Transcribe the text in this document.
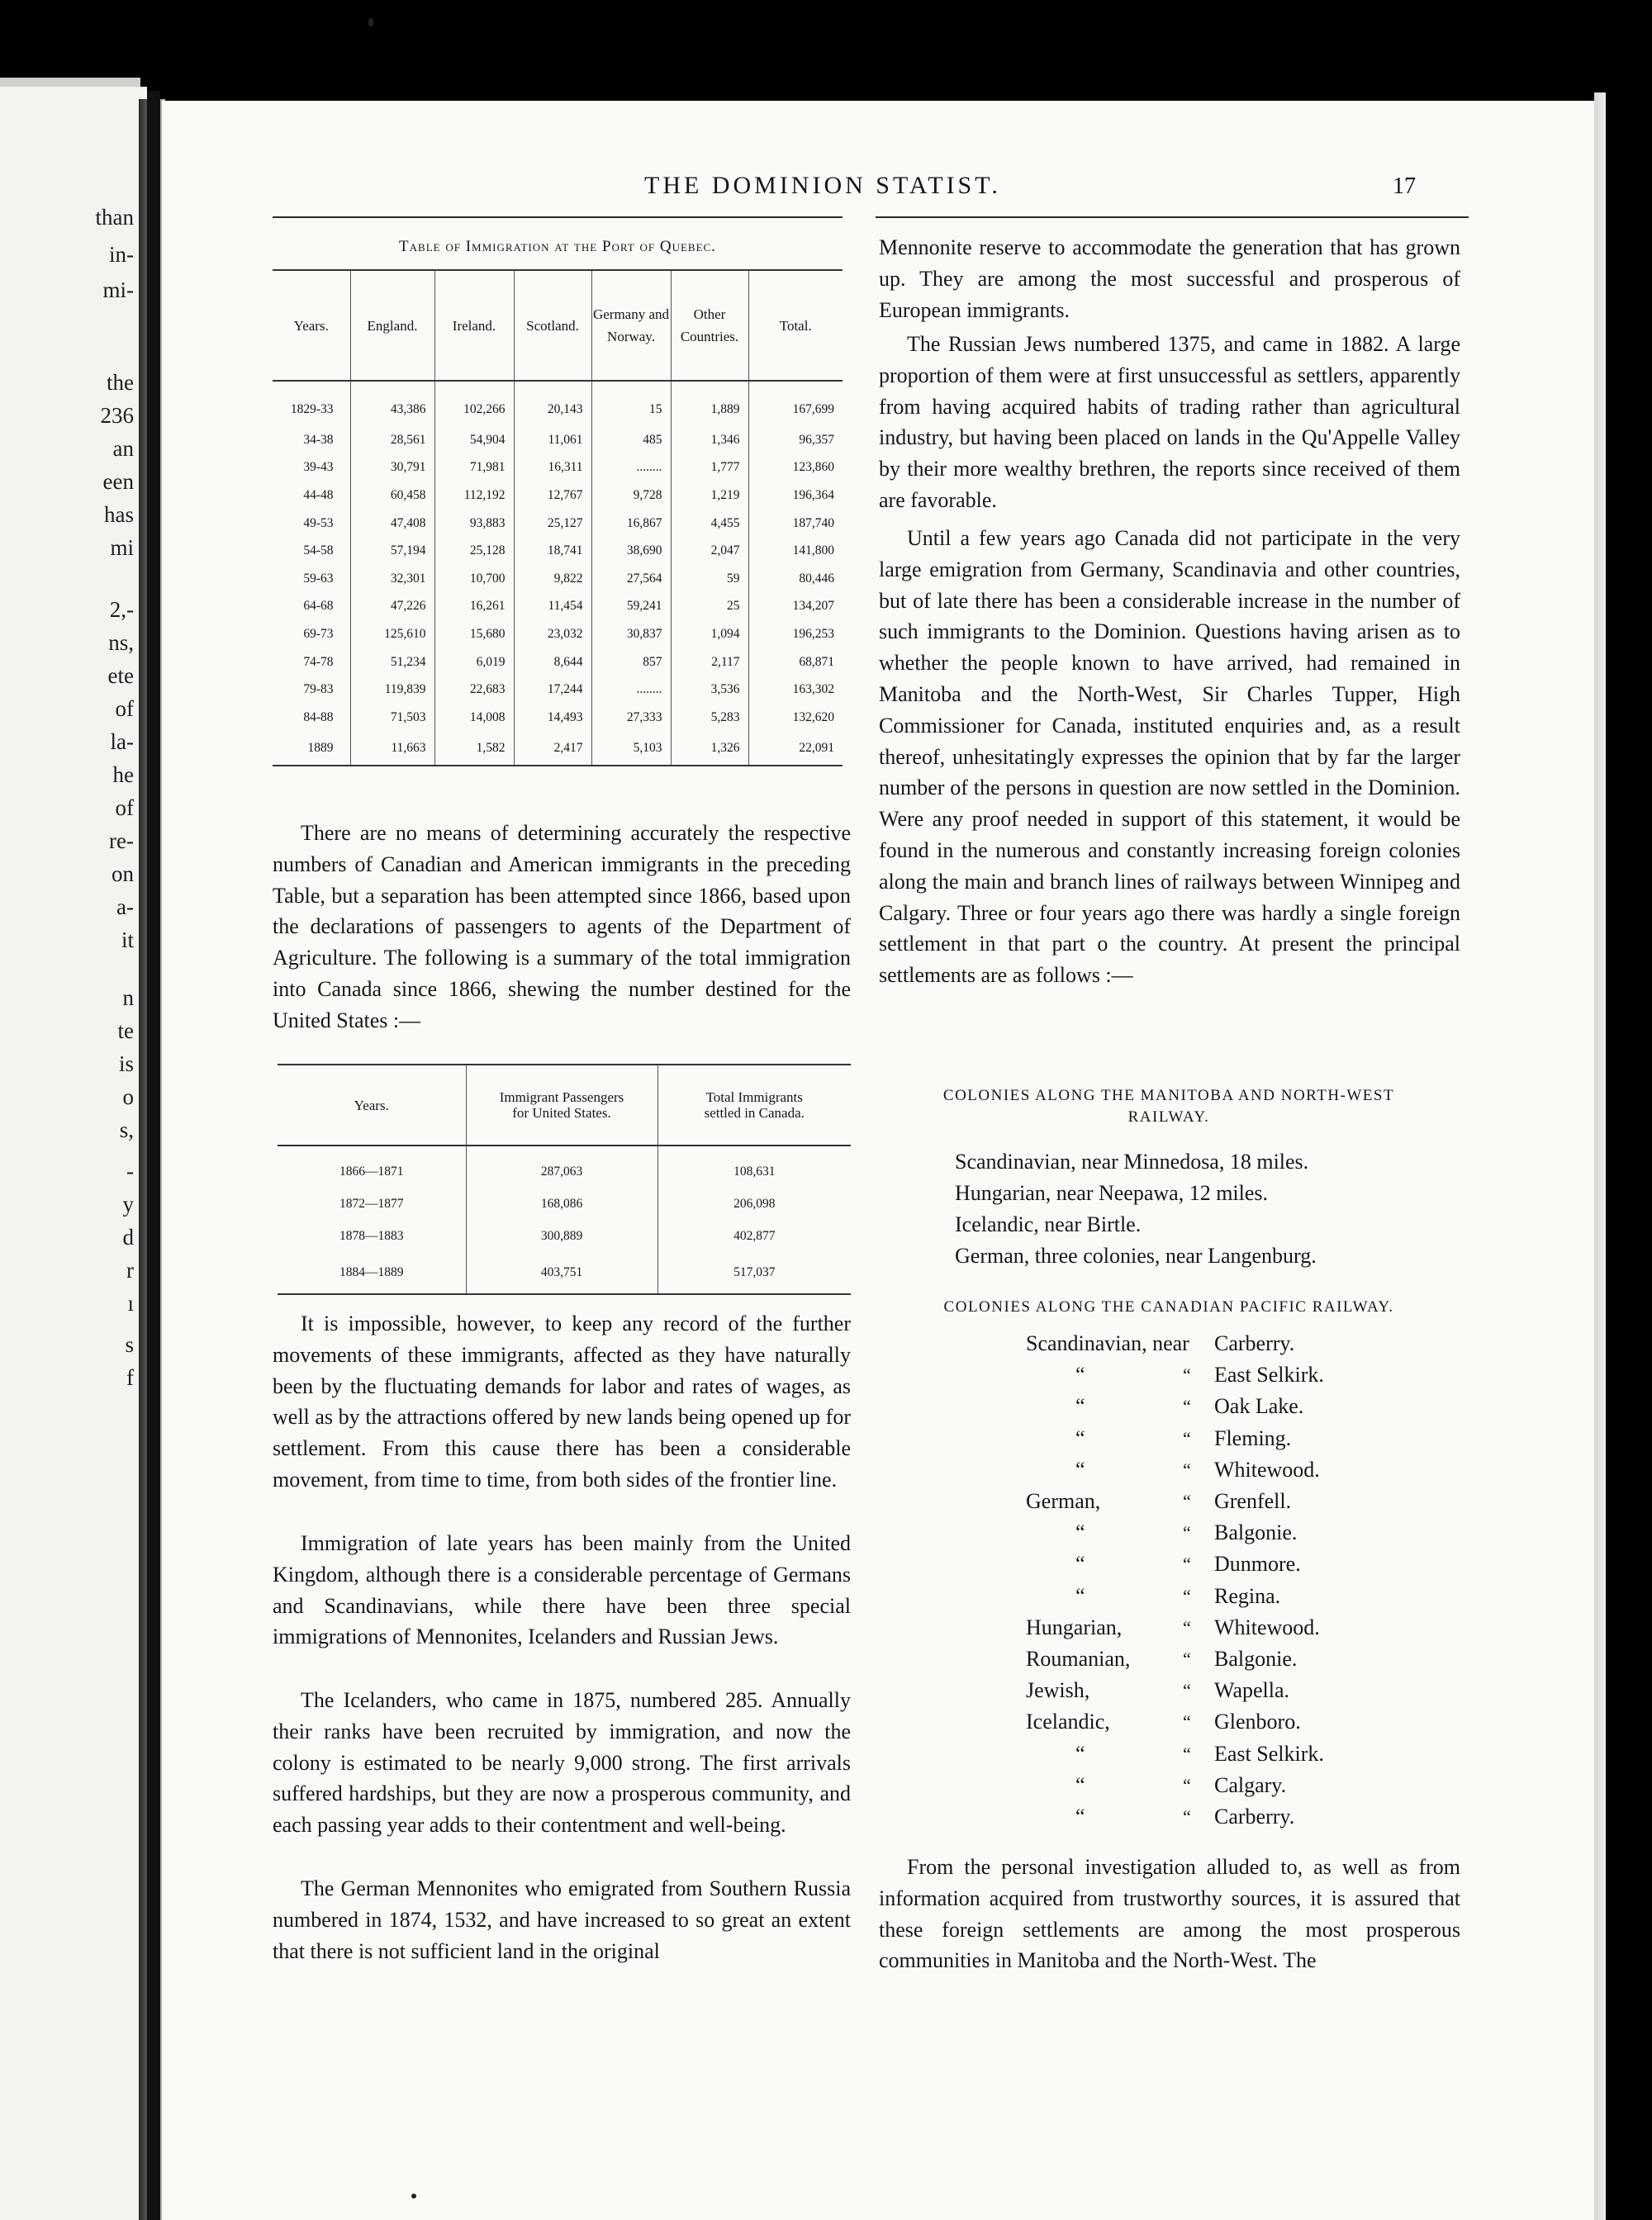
than
in-
mi-
the
236
an
een
has
mi
2,-
ns,
ete
of
la-
he
of
re-
on
a-
it
n
te
is
o
s,
-
y
d
r
ı
s
f
THE DOMINION STATIST.	17
Table of Immigration at the Port of Quebec.
Years.	England.	Ireland.	Scotland.	Germany and Norway.	Other Countries.	Total.
1829-33	43,386	102,266	20,143	15	1,889	167,699
34-38	28,561	54,904	11,061	485	1,346	96,357
39-43	30,791	71,981	16,311	........	1,777	123,860
44-48	60,458	112,192	12,767	9,728	1,219	196,364
49-53	47,408	93,883	25,127	16,867	4,455	187,740
54-58	57,194	25,128	18,741	38,690	2,047	141,800
59-63	32,301	10,700	9,822	27,564	59	80,446
64-68	47,226	16,261	11,454	59,241	25	134,207
69-73	125,610	15,680	23,032	30,837	1,094	196,253
74-78	51,234	6,019	8,644	857	2,117	68,871
79-83	119,839	22,683	17,244	........	3,536	163,302
84-88	71,503	14,008	14,493	27,333	5,283	132,620
1889	11,663	1,582	2,417	5,103	1,326	22,091

There are no means of determining accurately the respective numbers of Canadian and American immigrants in the preceding Table, but a separation has been attempted since 1866, based upon the declarations of passengers to agents of the Department of Agriculture. The following is a summary of the total immigration into Canada since 1866, shewing the number destined for the United States :—

Years.	Immigrant Passengers for United States.	Total Immigrants settled in Canada.
1866—1871	287,063	108,631
1872—1877	168,086	206,098
1878—1883	300,889	402,877
1884—1889	403,751	517,037

It is impossible, however, to keep any record of the further movements of these immigrants, affected as they have naturally been by the fluctuating demands for labor and rates of wages, as well as by the attractions offered by new lands being opened up for settlement. From this cause there has been a considerable movement, from time to time, from both sides of the frontier line.

Immigration of late years has been mainly from the United Kingdom, although there is a considerable percentage of Germans and Scandinavians, while there have been three special immigrations of Mennonites, Icelanders and Russian Jews.

The Icelanders, who came in 1875, numbered 285. Annually their ranks have been recruited by immigration, and now the colony is estimated to be nearly 9,000 strong. The first arrivals suffered hardships, but they are now a prosperous community, and each passing year adds to their contentment and well-being.

The German Mennonites who emigrated from Southern Russia numbered in 1874, 1532, and have increased to so great an extent that there is not sufficient land in the original

Mennonite reserve to accommodate the generation that has grown up. They are among the most successful and prosperous of European immigrants.

The Russian Jews numbered 1375, and came in 1882. A large proportion of them were at first unsuccessful as settlers, apparently from having acquired habits of trading rather than agricultural industry, but having been placed on lands in the Qu'Appelle Valley by their more wealthy brethren, the reports since received of them are favorable.

Until a few years ago Canada did not participate in the very large emigration from Germany, Scandinavia and other countries, but of late there has been a considerable increase in the number of such immigrants to the Dominion. Questions having arisen as to whether the people known to have arrived, had remained in Manitoba and the North-West, Sir Charles Tupper, High Commissioner for Canada, instituted enquiries and, as a result thereof, unhesitatingly expresses the opinion that by far the larger number of the persons in question are now settled in the Dominion. Were any proof needed in support of this statement, it would be found in the numerous and constantly increasing foreign colonies along the main and branch lines of railways between Winnipeg and Calgary. Three or four years ago there was hardly a single foreign settlement in that part o the country. At present the principal settlements are as follows :—

COLONIES ALONG THE MANITOBA AND NORTH-WEST RAILWAY.
Scandinavian, near Minnedosa, 18 miles.
Hungarian, near Neepawa, 12 miles.
Icelandic, near Birtle.
German, three colonies, near Langenburg.
COLONIES ALONG THE CANADIAN PACIFIC RAILWAY.
Scandinavian, near Carberry.
“	“ East Selkirk.
“	“ Oak Lake.
“	“ Fleming.
“	“ Whitewood.
German,	“ Grenfell.
“	“ Balgonie.
“	“ Dunmore.
“	“ Regina.
Hungarian,	“ Whitewood.
Roumanian,	“ Balgonie.
Jewish,	“ Wapella.
Icelandic,	“ Glenboro.
“	“ East Selkirk.
“	“ Calgary.
“	“ Carberry.

From the personal investigation alluded to, as well as from information acquired from trustworthy sources, it is assured that these foreign settlements are among the most prosperous communities in Manitoba and the North-West. The
